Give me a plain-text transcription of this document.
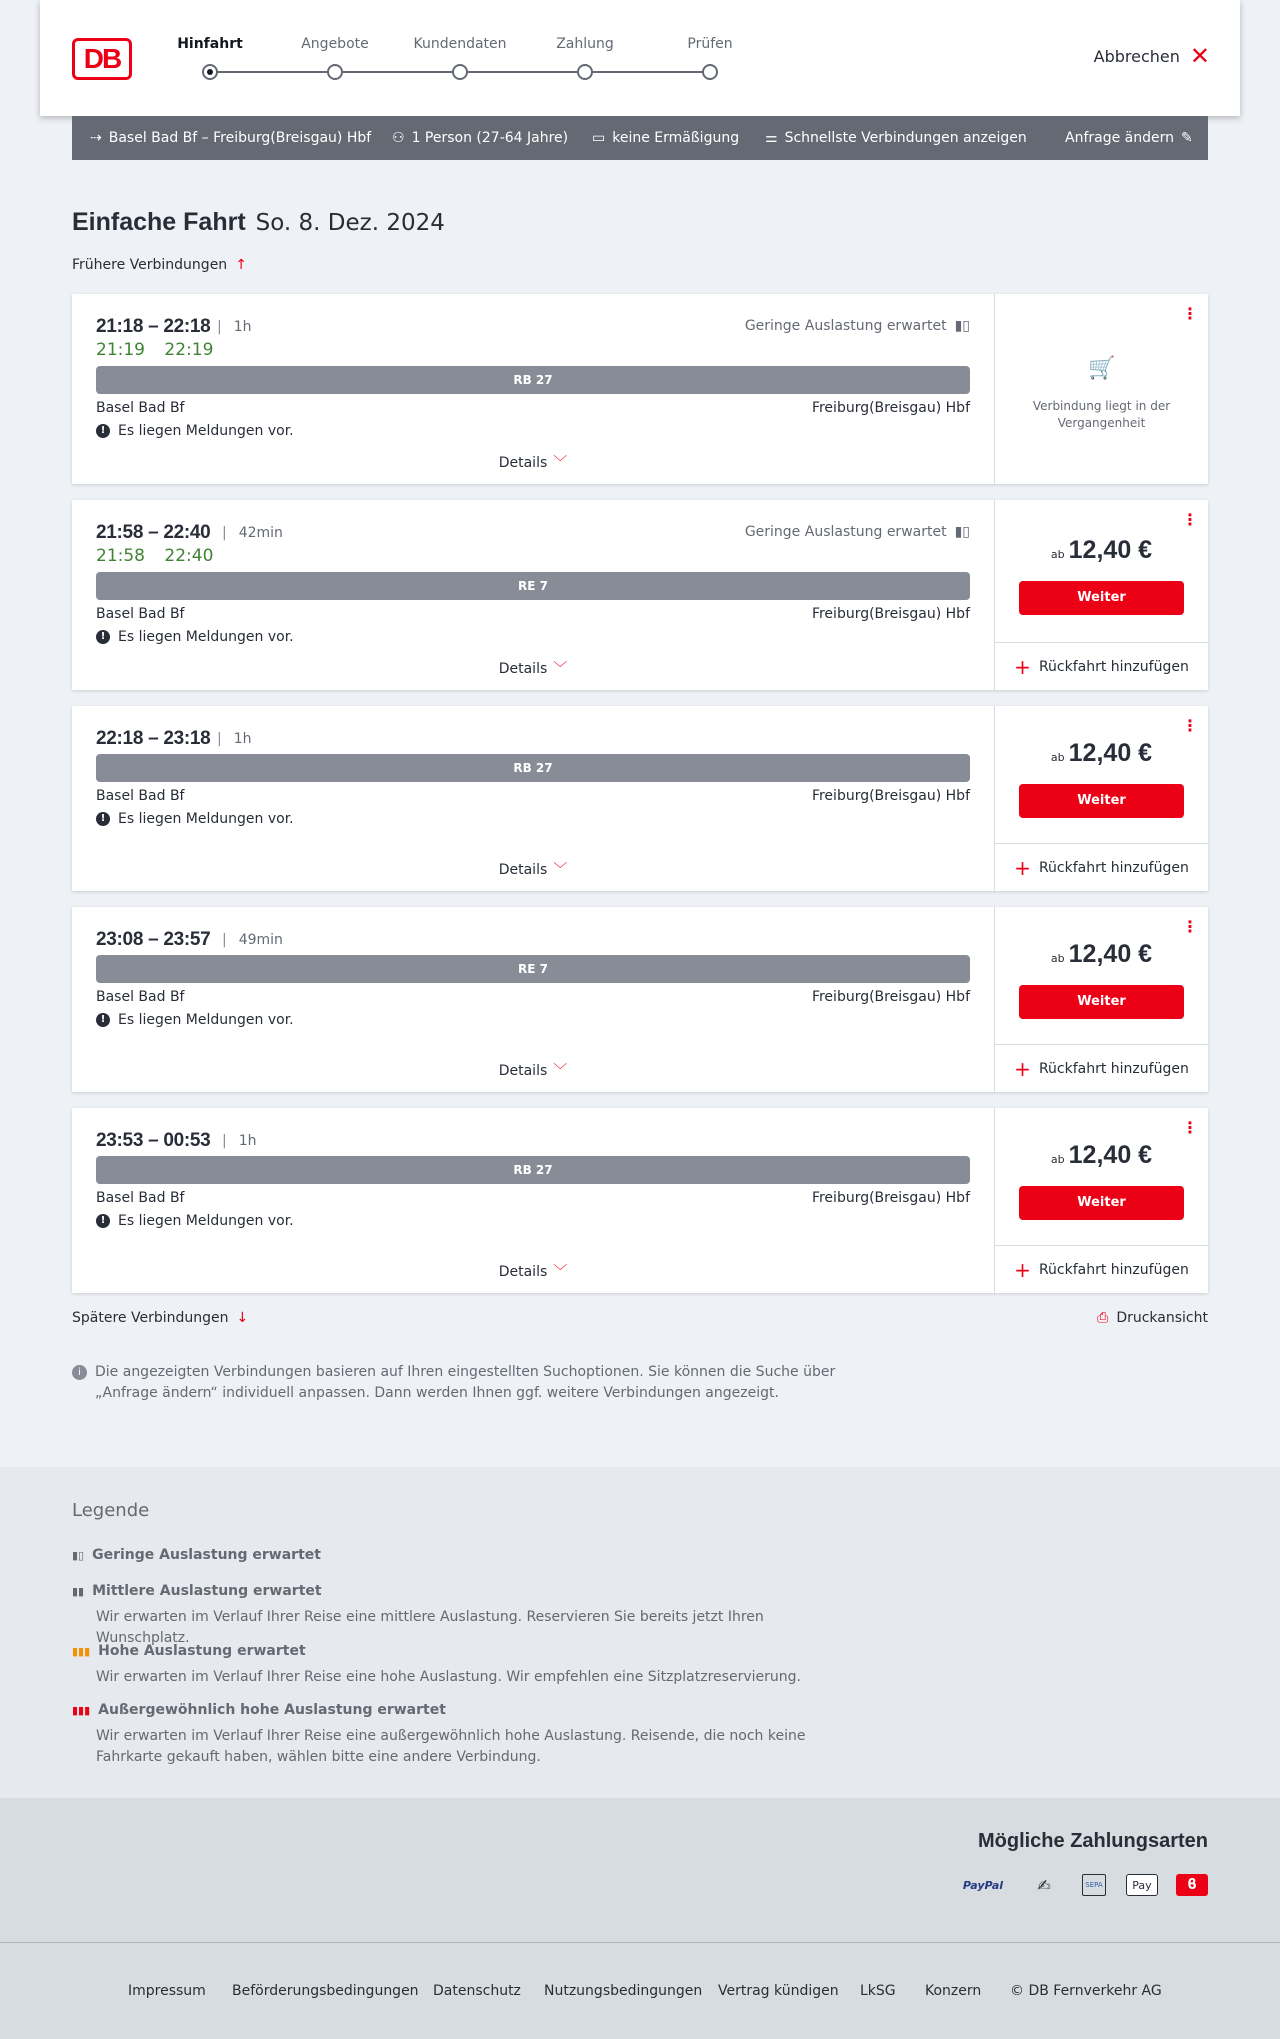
DB	Hinfahrt	Angebote	Kundendaten	Zahlung	Prüfen
Abbrechen ✕
⇢ Basel Bad Bf – Freiburg(Breisgau) Hbf ⚇ 1 Person (27-64 Jahre) ▭ keine Ermäßigung ⚌ Schnellste Verbindungen anzeigen	Anfrage ändern ✎
Einfache Fahrt So. 8. Dez. 2024
Frühere Verbindungen ↑
21:18 – 22:18	| 1h
21:19 22:19
Geringe Auslastung erwartet ▮▯
RB 27
Basel Bad Bf	Freiburg(Breisgau) Hbf
! Es liegen Meldungen vor.
Details ﹀
⋮
🛒
Verbindung liegt in der Vergangenheit
21:58 – 22:40	| 42min
21:58 22:40
Geringe Auslastung erwartet ▮▯
RE 7
Basel Bad Bf	Freiburg(Breisgau) Hbf
! Es liegen Meldungen vor.
Details ﹀
⋮
ab 12,40 €
Weiter
+ Rückfahrt hinzufügen
22:18 – 23:18	| 1h
RB 27
Basel Bad Bf	Freiburg(Breisgau) Hbf
! Es liegen Meldungen vor.
Details ﹀
⋮
ab 12,40 €
Weiter
+ Rückfahrt hinzufügen
23:08 – 23:57	| 49min
RE 7
Basel Bad Bf	Freiburg(Breisgau) Hbf
! Es liegen Meldungen vor.
Details ﹀
⋮
ab 12,40 €
Weiter
+ Rückfahrt hinzufügen
23:53 – 00:53	| 1h
RB 27
Basel Bad Bf	Freiburg(Breisgau) Hbf
! Es liegen Meldungen vor.
Details ﹀
⋮
ab 12,40 €
Weiter
+ Rückfahrt hinzufügen
Spätere Verbindungen ↓	⎙ Druckansicht
i	Die angezeigten Verbindungen basieren auf Ihren eingestellten Suchoptionen. Sie können die Suche über „Anfrage ändern“ individuell anpassen. Dann werden Ihnen ggf. weitere Verbindungen angezeigt.
Legende
▮▯ Geringe Auslastung erwartet
▮▮ Mittlere Auslastung erwartet
Wir erwarten im Verlauf Ihrer Reise eine mittlere Auslastung. Reservieren Sie bereits jetzt Ihren Wunschplatz.
▮▮▮ Hohe Auslastung erwartet
Wir erwarten im Verlauf Ihrer Reise eine hohe Auslastung. Wir empfehlen eine Sitzplatzreservierung.
▮▮▮ Außergewöhnlich hohe Auslastung erwartet
Wir erwarten im Verlauf Ihrer Reise eine außergewöhnlich hohe Auslastung. Reisende, die noch keine Fahrkarte gekauft haben, wählen bitte eine andere Verbindung.
Mögliche Zahlungsarten
PayPal	✍	SEPA	Pay	ϐ
Impressum Beförderungsbedingungen Datenschutz Nutzungsbedingungen Vertrag kündigen LkSG Konzern © DB Fernverkehr AG
